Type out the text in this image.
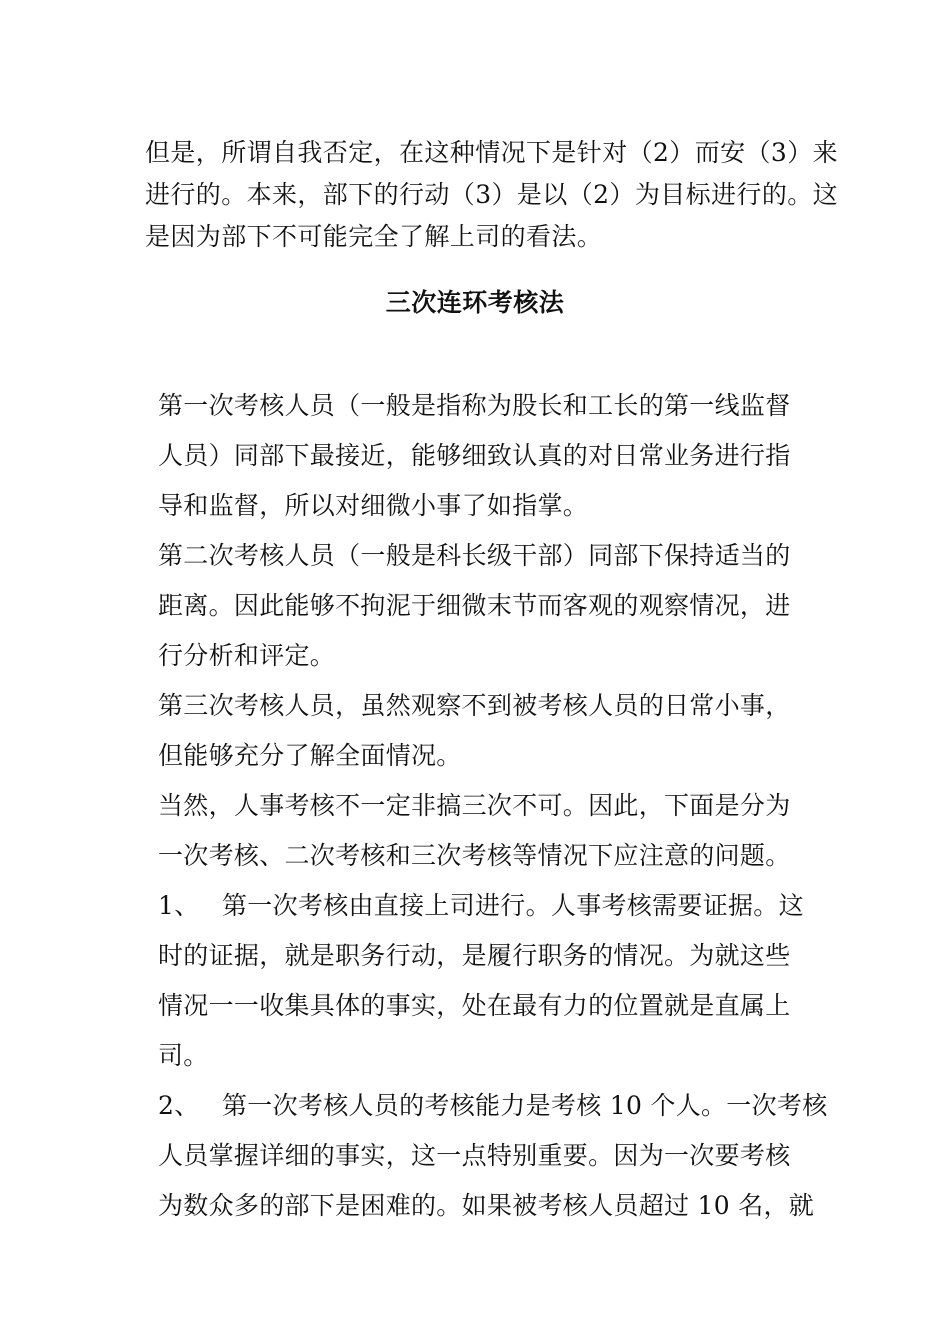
但是，所谓自我否定，在这种情况下是针对（2）而安（3）来
进行的。本来，部下的行动（3）是以（2）为目标进行的。这
是因为部下不可能完全了解上司的看法。
三次连环考核法
第一次考核人员（一般是指称为股长和工长的第一线监督
人员）同部下最接近，能够细致认真的对日常业务进行指
导和监督，所以对细微小事了如指掌。
第二次考核人员（一般是科长级干部）同部下保持适当的
距离。因此能够不拘泥于细微末节而客观的观察情况，进
行分析和评定。
第三次考核人员，虽然观察不到被考核人员的日常小事，
但能够充分了解全面情况。
当然，人事考核不一定非搞三次不可。因此，下面是分为
一次考核、二次考核和三次考核等情况下应注意的问题。
1、 第一次考核由直接上司进行。人事考核需要证据。这
时的证据，就是职务行动，是履行职务的情况。为就这些
情况一一收集具体的事实，处在最有力的位置就是直属上
司。
2、 第一次考核人员的考核能力是考核 10 个人。一次考核
人员掌握详细的事实，这一点特别重要。因为一次要考核
为数众多的部下是困难的。如果被考核人员超过 10 名，就
